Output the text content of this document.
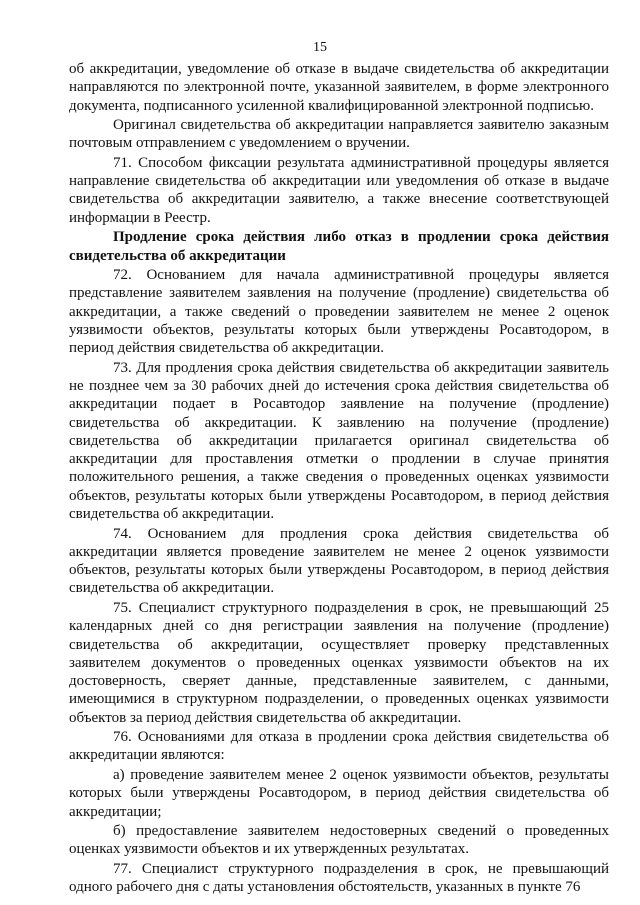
15

об аккредитации, уведомление об отказе в выдаче свидетельства об аккредитации направляются по электронной почте, указанной заявителем, в форме электронного документа, подписанного усиленной квалифицированной электронной подписью.

Оригинал свидетельства об аккредитации направляется заявителю заказным почтовым отправлением с уведомлением о вручении.

71. Способом фиксации результата административной процедуры является направление свидетельства об аккредитации или уведомления об отказе в выдаче свидетельства об аккредитации заявителю, а также внесение соответствующей информации в Реестр.

Продление срока действия либо отказ в продлении срока действия свидетельства об аккредитации

72. Основанием для начала административной процедуры является представление заявителем заявления на получение (продление) свидетельства об аккредитации, а также сведений о проведении заявителем не менее 2 оценок уязвимости объектов, результаты которых были утверждены Росавтодором, в период действия свидетельства об аккредитации.

73. Для продления срока действия свидетельства об аккредитации заявитель не позднее чем за 30 рабочих дней до истечения срока действия свидетельства об аккредитации подает в Росавтодор заявление на получение (продление) свидетельства об аккредитации. К заявлению на получение (продление) свидетельства об аккредитации прилагается оригинал свидетельства об аккредитации для проставления отметки о продлении в случае принятия положительного решения, а также сведения о проведенных оценках уязвимости объектов, результаты которых были утверждены Росавтодором, в период действия свидетельства об аккредитации.

74. Основанием для продления срока действия свидетельства об аккредитации является проведение заявителем не менее 2 оценок уязвимости объектов, результаты которых были утверждены Росавтодором, в период действия свидетельства об аккредитации.

75. Специалист структурного подразделения в срок, не превышающий 25 календарных дней со дня регистрации заявления на получение (продление) свидетельства об аккредитации, осуществляет проверку представленных заявителем документов о проведенных оценках уязвимости объектов на их достоверность, сверяет данные, представленные заявителем, с данными, имеющимися в структурном подразделении, о проведенных оценках уязвимости объектов за период действия свидетельства об аккредитации.

76. Основаниями для отказа в продлении срока действия свидетельства об аккредитации являются:

а) проведение заявителем менее 2 оценок уязвимости объектов, результаты которых были утверждены Росавтодором, в период действия свидетельства об аккредитации;

б) предоставление заявителем недостоверных сведений о проведенных оценках уязвимости объектов и их утвержденных результатах.

77. Специалист структурного подразделения в срок, не превышающий одного рабочего дня с даты установления обстоятельств, указанных в пункте 76
